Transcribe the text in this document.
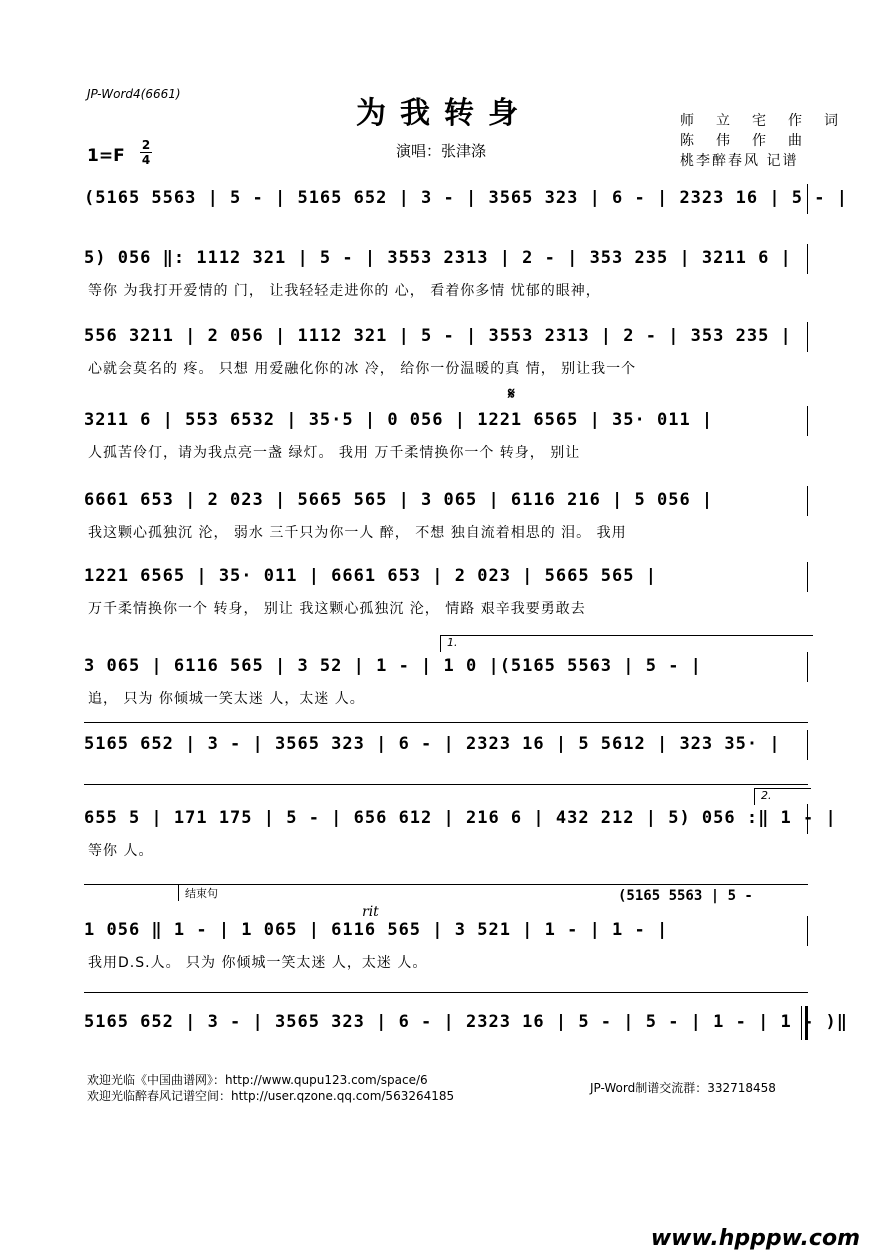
JP-Word4(6661)
为我转身
1=F
2
4	演唱：张津涤
师立宅作词
陈伟作曲
桃李醉春风 记谱
(5165 5563 | 5 - | 5165 652 | 3 - | 3565 323 | 6 - | 2323 16 | 5 - |
5) 056 ‖: 1112 321 | 5 - | 3553 2313 | 2 - | 353 235 | 3211 6 |
等你 为我打开爱情的 门， 让我轻轻走进你的 心， 看着你多情 忧郁的眼神，
556 3211 | 2 056 | 1112 321 | 5 - | 3553 2313 | 2 - | 353 235 |
心就会莫名的 疼。 只想 用爱融化你的冰 冷， 给你一份温暖的真 情， 别让我一个
𝄋
3211 6 | 553 6532 | 35·5 | 0 056 | 1221 6565 | 35· 011 |
人孤苦伶仃，请为我点亮一盏 绿灯。 我用 万千柔情换你一个 转身， 别让
6661 653 | 2 023 | 5665 565 | 3 065 | 6116 216 | 5 056 |
我这颗心孤独沉 沦， 弱水 三千只为你一人 醉， 不想 独自流着相思的 泪。 我用
1221 6565 | 35· 011 | 6661 653 | 2 023 | 5665 565 |
万千柔情换你一个 转身， 别让 我这颗心孤独沉 沦， 情路 艰辛我要勇敢去
1.
3 065 | 6116 565 | 3 52 | 1 - | 1 0 |(5165 5563 | 5 - |
追， 只为 你倾城一笑太迷 人，太迷 人。
5165 652 | 3 - | 3565 323 | 6 - | 2323 16 | 5 5612 | 323 35· |
2.
655 5 | 171 175 | 5 - | 656 612 | 216 6 | 432 212 | 5) 056 :‖ 1 - |
等你 人。
结束句	(5165 5563 | 5 -
rit
1 056 ‖ 1 - | 1 065 | 6116 565 | 3 521 | 1 - | 1 - |
我用D.S.人。 只为 你倾城一笑太迷 人，太迷 人。
5165 652 | 3 - | 3565 323 | 6 - | 2323 16 | 5 - | 5 - | 1 - | 1 - )‖
欢迎光临《中国曲谱网》：http://www.qupu123.com/space/6
欢迎光临醉春风记谱空间：http://user.qzone.qq.com/563264185
JP-Word制谱交流群：332718458
www.hpppw.com
